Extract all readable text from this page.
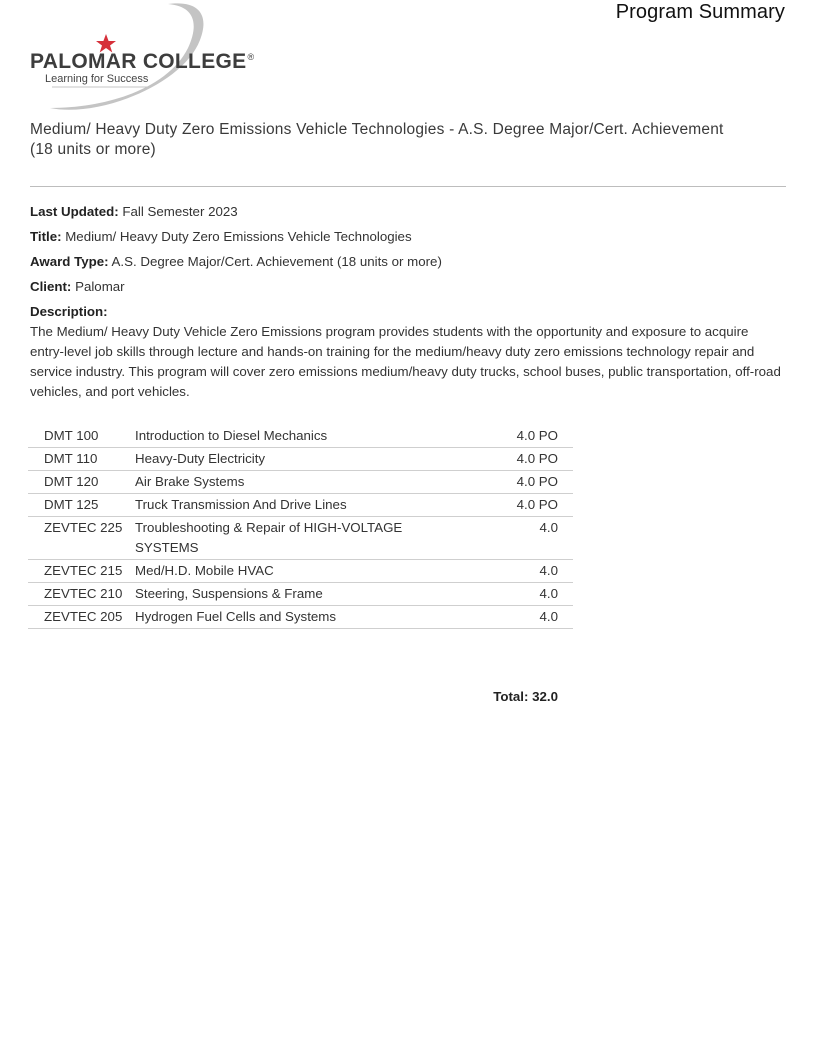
Program Summary
PALOMAR COLLEGE®
Learning for Success
Medium/ Heavy Duty Zero Emissions Vehicle Technologies - A.S. Degree Major/Cert. Achievement (18 units or more)
Last Updated: Fall Semester 2023
Title: Medium/ Heavy Duty Zero Emissions Vehicle Technologies
Award Type: A.S. Degree Major/Cert. Achievement (18 units or more)
Client: Palomar
Description:
The Medium/ Heavy Duty Vehicle Zero Emissions program provides students with the opportunity and exposure to acquire entry-level job skills through lecture and hands-on training for the medium/heavy duty zero emissions technology repair and service industry. This program will cover zero emissions medium/heavy duty trucks, school buses, public transportation, off-road vehicles, and port vehicles.
DMT 100	Introduction to Diesel Mechanics	4.0 PO
DMT 110	Heavy-Duty Electricity	4.0 PO
DMT 120	Air Brake Systems	4.0 PO
DMT 125	Truck Transmission And Drive Lines	4.0 PO
ZEVTEC 225	Troubleshooting & Repair of HIGH-VOLTAGE SYSTEMS	4.0
ZEVTEC 215	Med/H.D. Mobile HVAC	4.0
ZEVTEC 210	Steering, Suspensions & Frame	4.0
ZEVTEC 205	Hydrogen Fuel Cells and Systems	4.0
Total: 32.0
